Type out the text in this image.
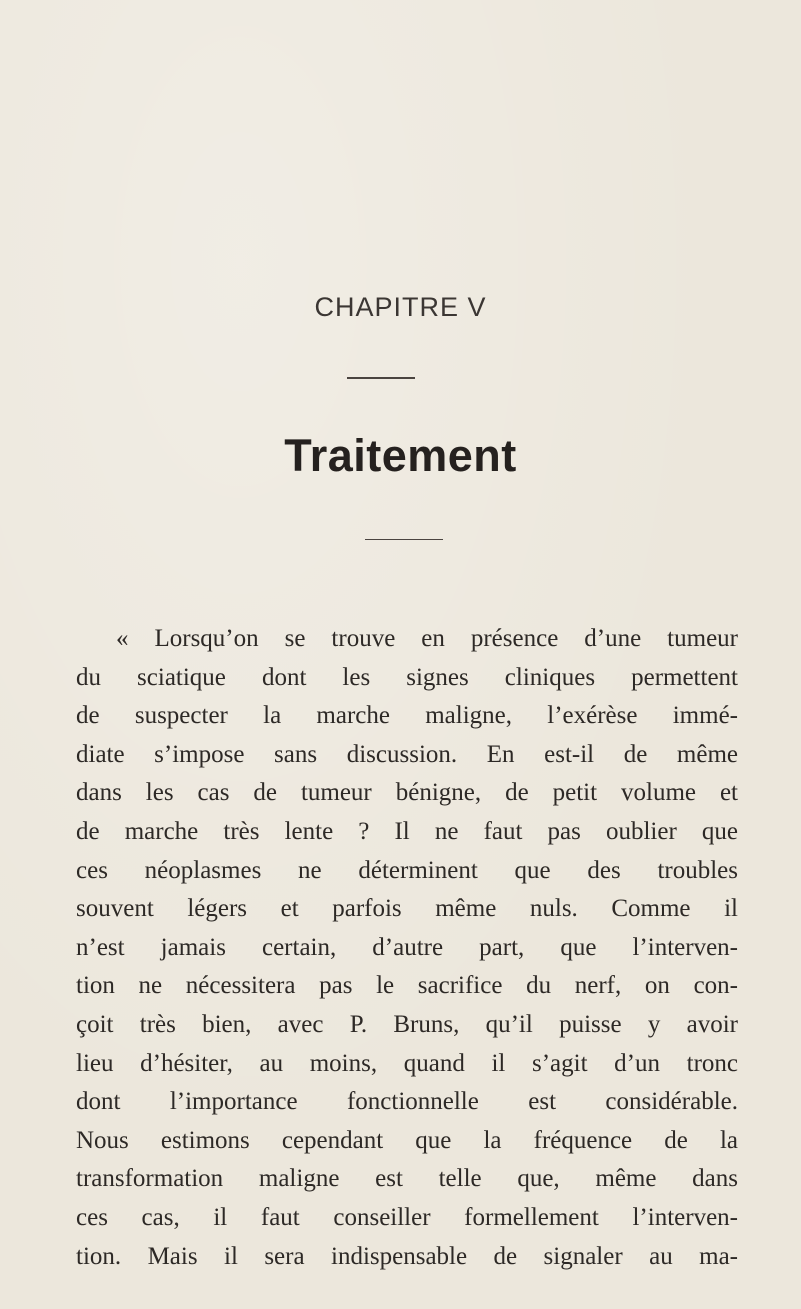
CHAPITRE V
Traitement
« Lorsqu’on se trouve en présence d’une tumeur
du sciatique dont les signes cliniques permettent
de suspecter la marche maligne, l’exérèse immé-
diate s’impose sans discussion. En est-il de même
dans les cas de tumeur bénigne, de petit volume et
de marche très lente ? Il ne faut pas oublier que
ces néoplasmes ne déterminent que des troubles
souvent légers et parfois même nuls. Comme il
n’est jamais certain, d’autre part, que l’interven-
tion ne nécessitera pas le sacrifice du nerf, on con-
çoit très bien, avec P. Bruns, qu’il puisse y avoir
lieu d’hésiter, au moins, quand il s’agit d’un tronc
dont l’importance fonctionnelle est considérable.
Nous estimons cependant que la fréquence de la
transformation maligne est telle que, même dans
ces cas, il faut conseiller formellement l’interven-
tion. Mais il sera indispensable de signaler au ma-
